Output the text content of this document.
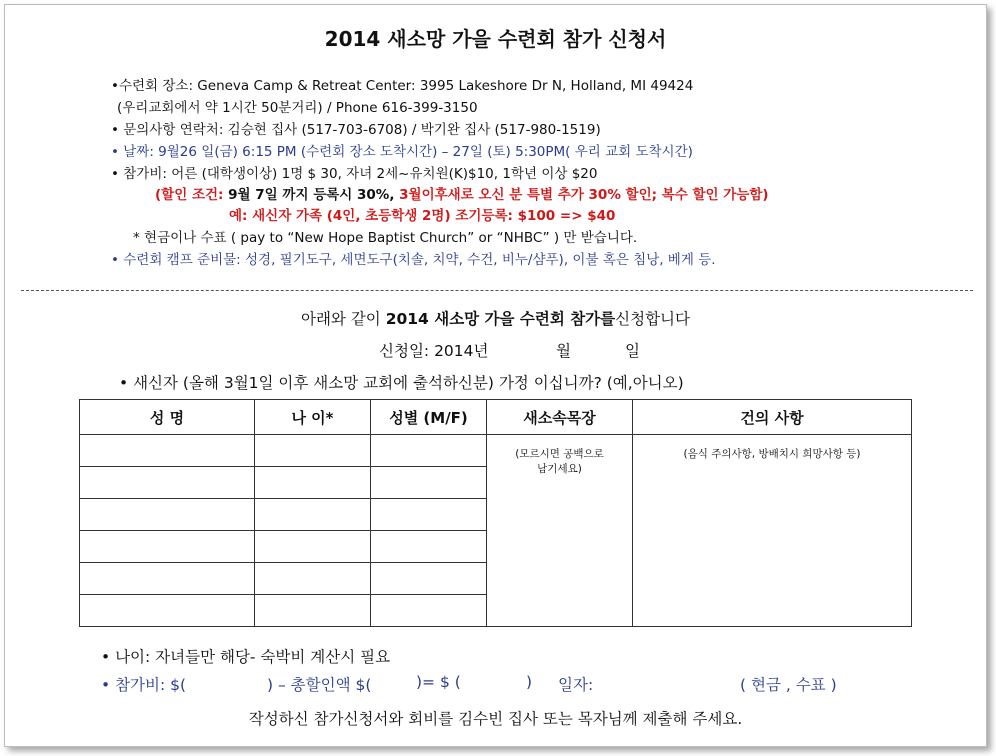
2014 새소망 가을 수련회 참가 신청서
•수련회 장소: Geneva Camp & Retreat Center: 3995 Lakeshore Dr N, Holland, MI 49424
(우리교회에서 약 1시간 50분거리) / Phone 616-399-3150
• 문의사항 연락처: 김승현 집사 (517-703-6708) / 박기완 집사 (517-980-1519)
• 날짜: 9월26 일(금) 6:15 PM (수련회 장소 도착시간) – 27일 (토) 5:30PM( 우리 교회 도착시간)
• 참가비: 어른 (대학생이상) 1명 $ 30, 자녀 2세~유치원(K)$10, 1학년 이상 $20
(할인 조건: 9월 7일 까지 등록시 30%, 3월이후새로 오신 분 특별 추가 30% 할인; 복수 할인 가능함)
예: 새신자 가족 (4인, 초등학생 2명) 조기등록: $100 => $40
* 현금이나 수표 ( pay to “New Hope Baptist Church” or “NHBC” ) 만 받습니다.
• 수련회 캠프 준비물: 성경, 필기도구, 세면도구(치솔, 치약, 수건, 비누/샴푸), 이불 혹은 침낭, 베게 등.
아래와 같이 2014 새소망 가을 수련회 참가를신청합니다
신청일: 2014년	월	일
• 새신자 (올해 3월1일 이후 새소망 교회에 출석하신분) 가정 이십니까? (예,아니오)
성 명	나 이*	성별 (M/F)	새소속목장	건의 사항
			(모르시면 공백으로
남기세요)	(음식 주의사항, 방배치시 희망사항 등)

• 나이: 자녀들만 해당- 숙박비 계산시 필요
• 참가비: $(	) – 총할인액 $(	)= $ (	) 일자:	( 현금 , 수표 )
작성하신 참가신청서와 회비를 김수빈 집사 또는 목자님께 제출해 주세요.
